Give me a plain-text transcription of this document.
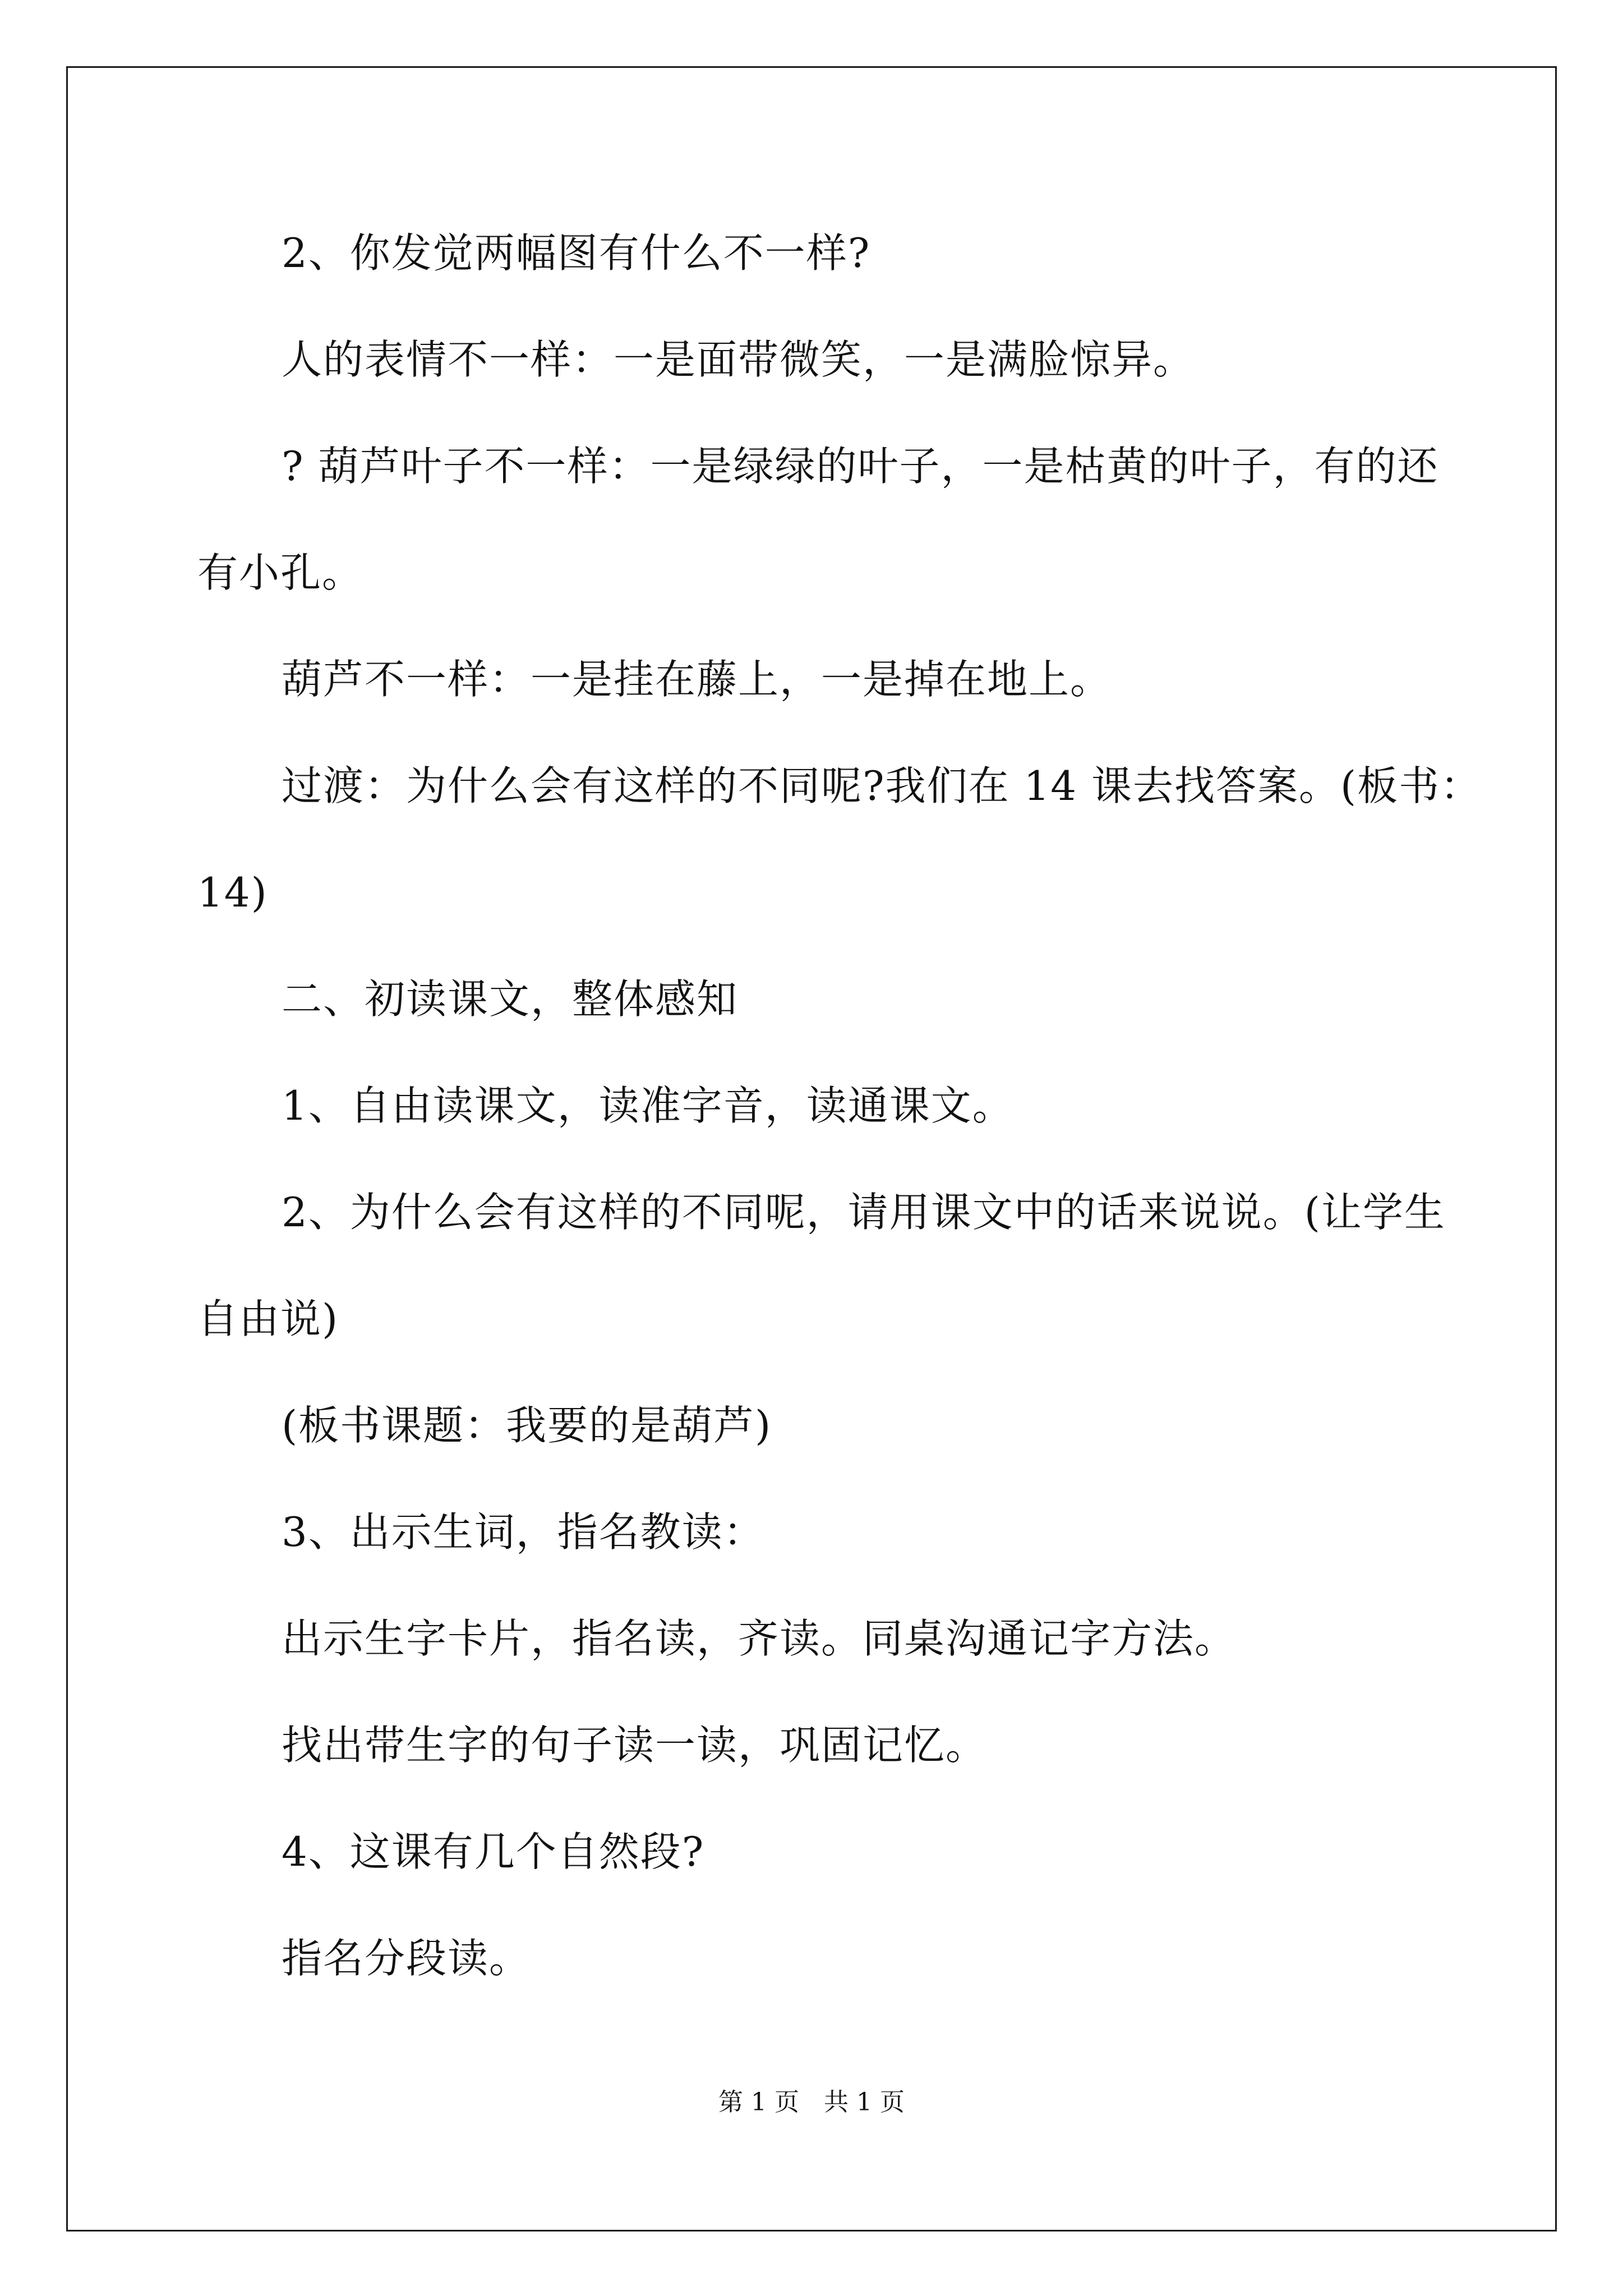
2、你发觉两幅图有什么不一样?

人的表情不一样：一是面带微笑，一是满脸惊异。

? 葫芦叶子不一样：一是绿绿的叶子，一是枯黄的叶子，有的还

有小孔。

葫芦不一样：一是挂在藤上，一是掉在地上。

过渡：为什么会有这样的不同呢?我们在 14 课去找答案。(板书：

14)

二、初读课文，整体感知

1、自由读课文，读准字音，读通课文。

2、为什么会有这样的不同呢，请用课文中的话来说说。(让学生

自由说)

(板书课题：我要的是葫芦)

3、出示生词，指名教读：

出示生字卡片，指名读，齐读。同桌沟通记字方法。

找出带生字的句子读一读，巩固记忆。

4、这课有几个自然段?

指名分段读。

第 1 页　共 1 页
